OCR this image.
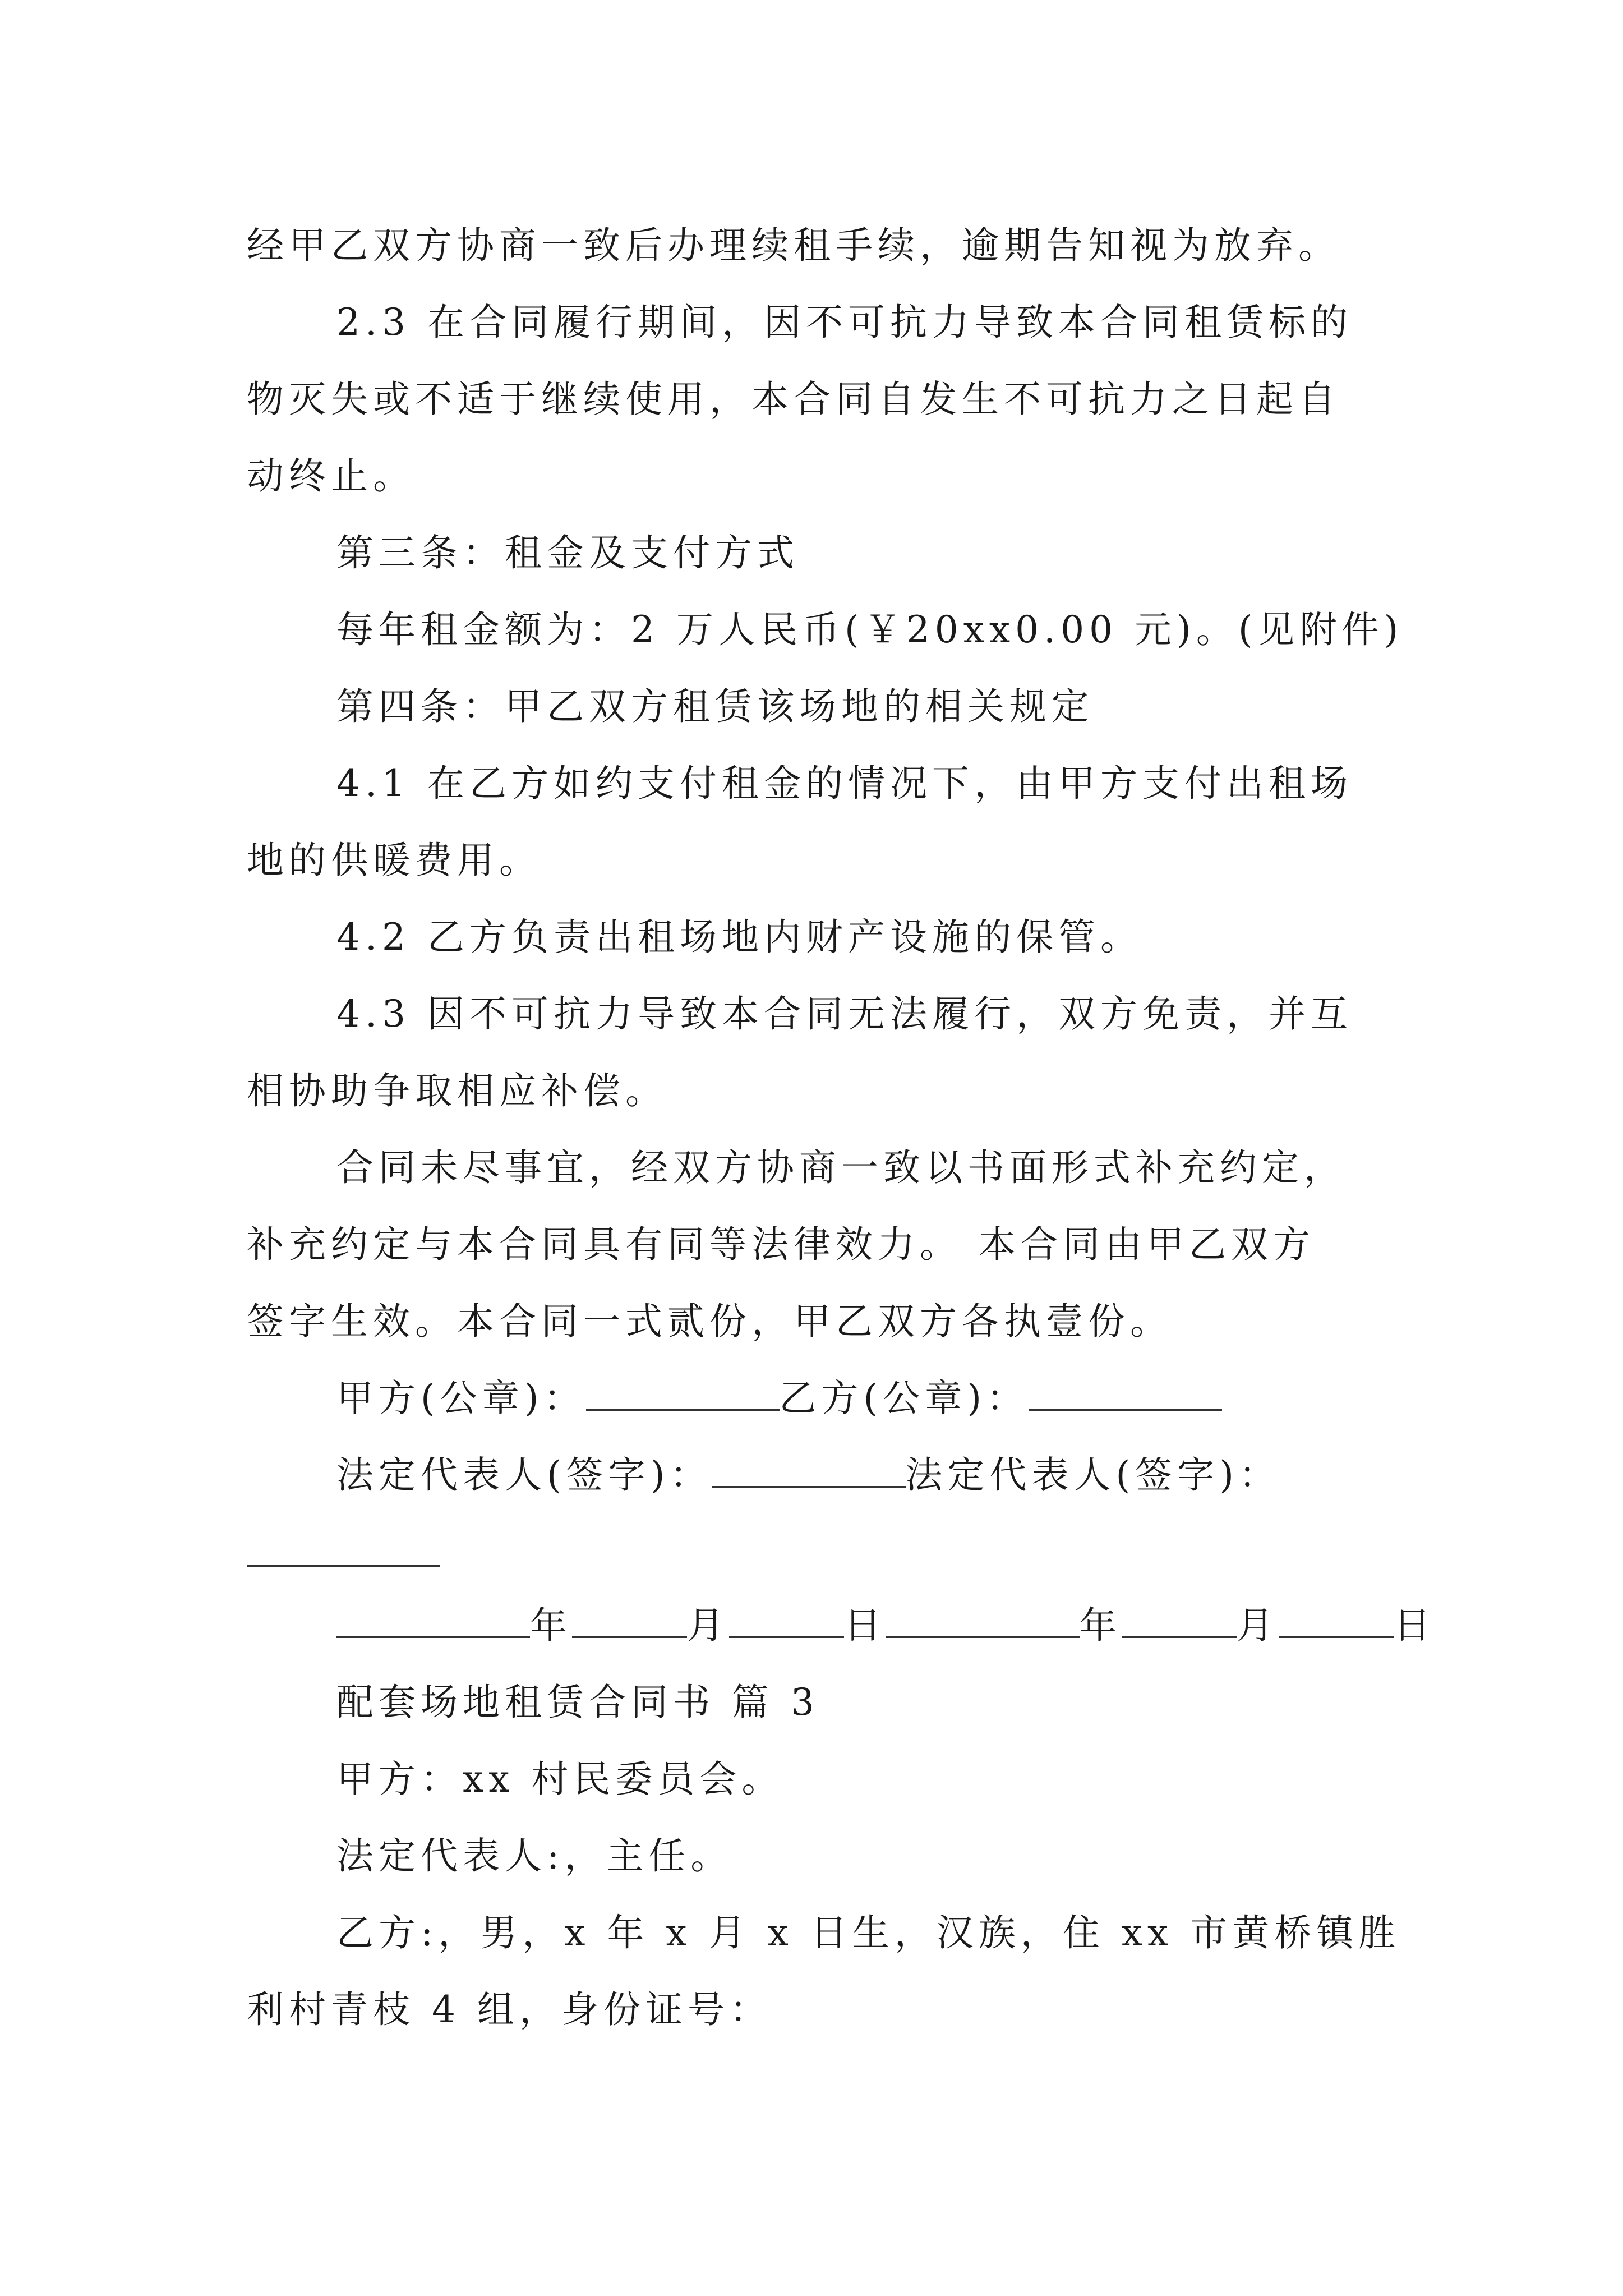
经甲乙双方协商一致后办理续租手续，逾期告知视为放弃。
2.3 在合同履行期间，因不可抗力导致本合同租赁标的
物灭失或不适于继续使用，本合同自发生不可抗力之日起自
动终止。
第三条：租金及支付方式
每年租金额为：2 万人民币(￥20xx0.00 元)。(见附件)
第四条：甲乙双方租赁该场地的相关规定
4.1 在乙方如约支付租金的情况下，由甲方支付出租场
地的供暖费用。
4.2 乙方负责出租场地内财产设施的保管。
4.3 因不可抗力导致本合同无法履行，双方免责，并互
相协助争取相应补偿。
合同未尽事宜，经双方协商一致以书面形式补充约定，
补充约定与本合同具有同等法律效力。 本合同由甲乙双方
签字生效。本合同一式贰份，甲乙双方各执壹份。
甲方(公章)：	乙方(公章)：
法定代表人(签字)：	法定代表人(签字)：
年	月	日	年	月	日
配套场地租赁合同书 篇 3
甲方：xx 村民委员会。
法定代表人:，主任。
乙方:，男，x 年 x 月 x 日生，汉族，住 xx 市黄桥镇胜
利村青枝 4 组，身份证号：
